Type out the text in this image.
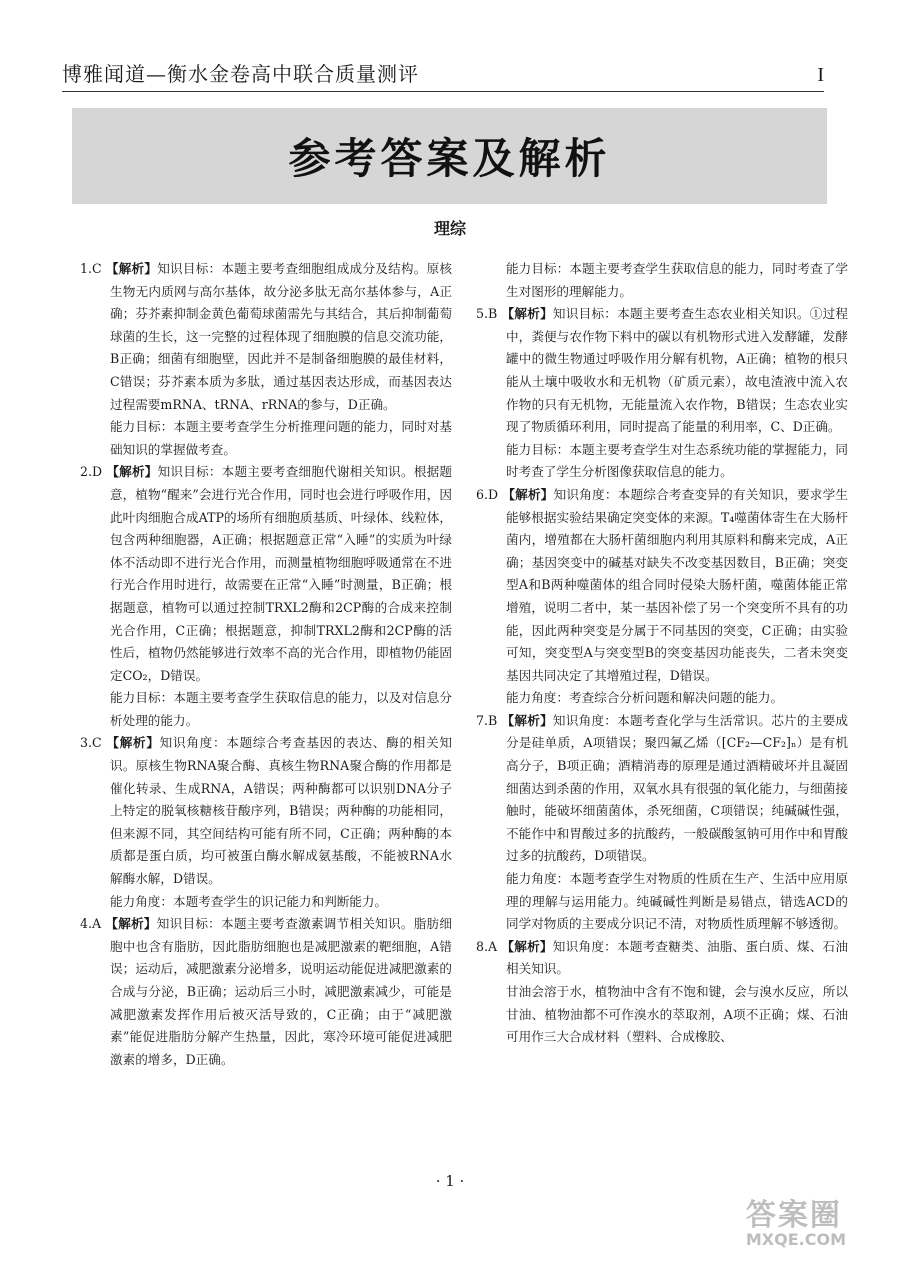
博雅闻道—衡水金卷高中联合质量测评	I
参考答案及解析
理综

1.C 【解析】知识目标：本题主要考查细胞组成成分及结构。原核生物无内质网与高尔基体，故分泌多肽无高尔基体参与，A正确；芬芥素抑制金黄色葡萄球菌需先与其结合，其后抑制葡萄球菌的生长，这一完整的过程体现了细胞膜的信息交流功能，B正确；细菌有细胞壁，因此并不是制备细胞膜的最佳材料，C错误；芬芥素本质为多肽，通过基因表达形成，而基因表达过程需要mRNA、tRNA、rRNA的参与，D正确。

能力目标：本题主要考查学生分析推理问题的能力，同时对基础知识的掌握做考查。

2.D 【解析】知识目标：本题主要考查细胞代谢相关知识。根据题意，植物“醒来”会进行光合作用，同时也会进行呼吸作用，因此叶肉细胞合成ATP的场所有细胞质基质、叶绿体、线粒体，包含两种细胞器，A正确；根据题意正常“入睡”的实质为叶绿体不活动即不进行光合作用，而测量植物细胞呼吸通常在不进行光合作用时进行，故需要在正常“入睡”时测量，B正确；根据题意，植物可以通过控制TRXL2酶和2CP酶的合成来控制光合作用，C正确；根据题意，抑制TRXL2酶和2CP酶的活性后，植物仍然能够进行效率不高的光合作用，即植物仍能固定CO₂，D错误。

能力目标：本题主要考查学生获取信息的能力，以及对信息分析处理的能力。

3.C 【解析】知识角度：本题综合考查基因的表达、酶的相关知识。原核生物RNA聚合酶、真核生物RNA聚合酶的作用都是催化转录、生成RNA，A错误；两种酶都可以识别DNA分子上特定的脱氧核糖核苷酸序列，B错误；两种酶的功能相同，但来源不同，其空间结构可能有所不同，C正确；两种酶的本质都是蛋白质，均可被蛋白酶水解成氨基酸，不能被RNA水解酶水解，D错误。

能力角度：本题考查学生的识记能力和判断能力。

4.A 【解析】知识目标：本题主要考查激素调节相关知识。脂肪细胞中也含有脂肪，因此脂肪细胞也是减肥激素的靶细胞，A错误；运动后，减肥激素分泌增多，说明运动能促进减肥激素的合成与分泌，B正确；运动后三小时，减肥激素减少，可能是减肥激素发挥作用后被灭活导致的，C正确；由于“减肥激素”能促进脂肪分解产生热量，因此，寒冷环境可能促进减肥激素的增多，D正确。

能力目标：本题主要考查学生获取信息的能力，同时考查了学生对图形的理解能力。

5.B 【解析】知识目标：本题主要考查生态农业相关知识。①过程中，粪便与农作物下料中的碳以有机物形式进入发酵罐，发酵罐中的微生物通过呼吸作用分解有机物，A正确；植物的根只能从土壤中吸收水和无机物（矿质元素），故电渣液中流入农作物的只有无机物，无能量流入农作物，B错误；生态农业实现了物质循环利用，同时提高了能量的利用率，C、D正确。

能力目标：本题主要考查学生对生态系统功能的掌握能力，同时考查了学生分析图像获取信息的能力。

6.D 【解析】知识角度：本题综合考查变异的有关知识，要求学生能够根据实验结果确定突变体的来源。T₄噬菌体寄生在大肠杆菌内，增殖都在大肠杆菌细胞内利用其原料和酶来完成，A正确；基因突变中的碱基对缺失不改变基因数目，B正确；突变型A和B两种噬菌体的组合同时侵染大肠杆菌，噬菌体能正常增殖，说明二者中，某一基因补偿了另一个突变所不具有的功能，因此两种突变是分属于不同基因的突变，C正确；由实验可知，突变型A与突变型B的突变基因功能丧失，二者未突变基因共同决定了其增殖过程，D错误。

能力角度：考查综合分析问题和解决问题的能力。

7.B 【解析】知识角度：本题考查化学与生活常识。芯片的主要成分是硅单质，A项错误；聚四氟乙烯（[CF₂—CF₂]ₙ）是有机高分子，B项正确；酒精消毒的原理是通过酒精破坏并且凝固细菌达到杀菌的作用，双氧水具有很强的氧化能力，与细菌接触时，能破坏细菌菌体，杀死细菌，C项错误；纯碱碱性强，不能作中和胃酸过多的抗酸药，一般碳酸氢钠可用作中和胃酸过多的抗酸药，D项错误。

能力角度：本题考查学生对物质的性质在生产、生活中应用原理的理解与运用能力。纯碱碱性判断是易错点，错选ACD的同学对物质的主要成分识记不清，对物质性质理解不够透彻。

8.A 【解析】知识角度：本题考查糖类、油脂、蛋白质、煤、石油相关知识。

甘油会溶于水，植物油中含有不饱和键，会与溴水反应，所以甘油、植物油都不可作溴水的萃取剂，A项不正确；煤、石油可用作三大合成材料（塑料、合成橡胶、

· 1 ·
答案圈
MXQE.COM
